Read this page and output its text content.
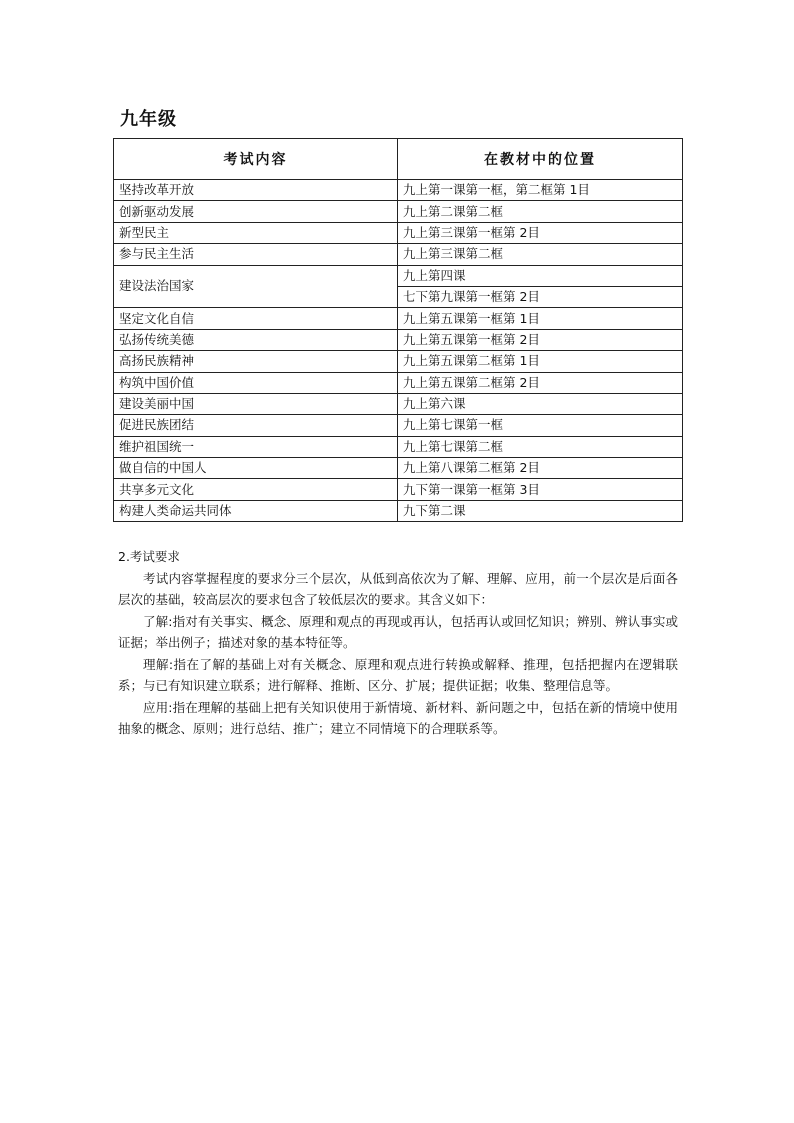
九年级
考试内容	在教材中的位置
坚持改革开放	九上第一课第一框，第二框第 1目
创新驱动发展	九上第二课第二框
新型民主	九上第三课第一框第 2目
参与民主生活	九上第三课第二框
建设法治国家	九上第四课
	七下第九课第一框第 2目
坚定文化自信	九上第五课第一框第 1目
弘扬传统美德	九上第五课第一框第 2目
高扬民族精神	九上第五课第二框第 1目
构筑中国价值	九上第五课第二框第 2目
建设美丽中国	九上第六课
促进民族团结	九上第七课第一框
维护祖国统一	九上第七课第二框
做自信的中国人	九上第八课第二框第 2目
共享多元文化	九下第一课第一框第 3目
构建人类命运共同体	九下第二课

2.考试要求

考试内容掌握程度的要求分三个层次，从低到高依次为了解、理解、应用，前一个层次是后面各层次的基础，较高层次的要求包含了较低层次的要求。其含义如下：

了解:指对有关事实、概念、原理和观点的再现或再认，包括再认或回忆知识；辨别、辨认事实或证据；举出例子；描述对象的基本特征等。

理解:指在了解的基础上对有关概念、原理和观点进行转换或解释、推理，包括把握内在逻辑联系；与已有知识建立联系；进行解释、推断、区分、扩展；提供证据；收集、整理信息等。

应用:指在理解的基础上把有关知识使用于新情境、新材料、新问题之中，包括在新的情境中使用抽象的概念、原则；进行总结、推广；建立不同情境下的合理联系等。
